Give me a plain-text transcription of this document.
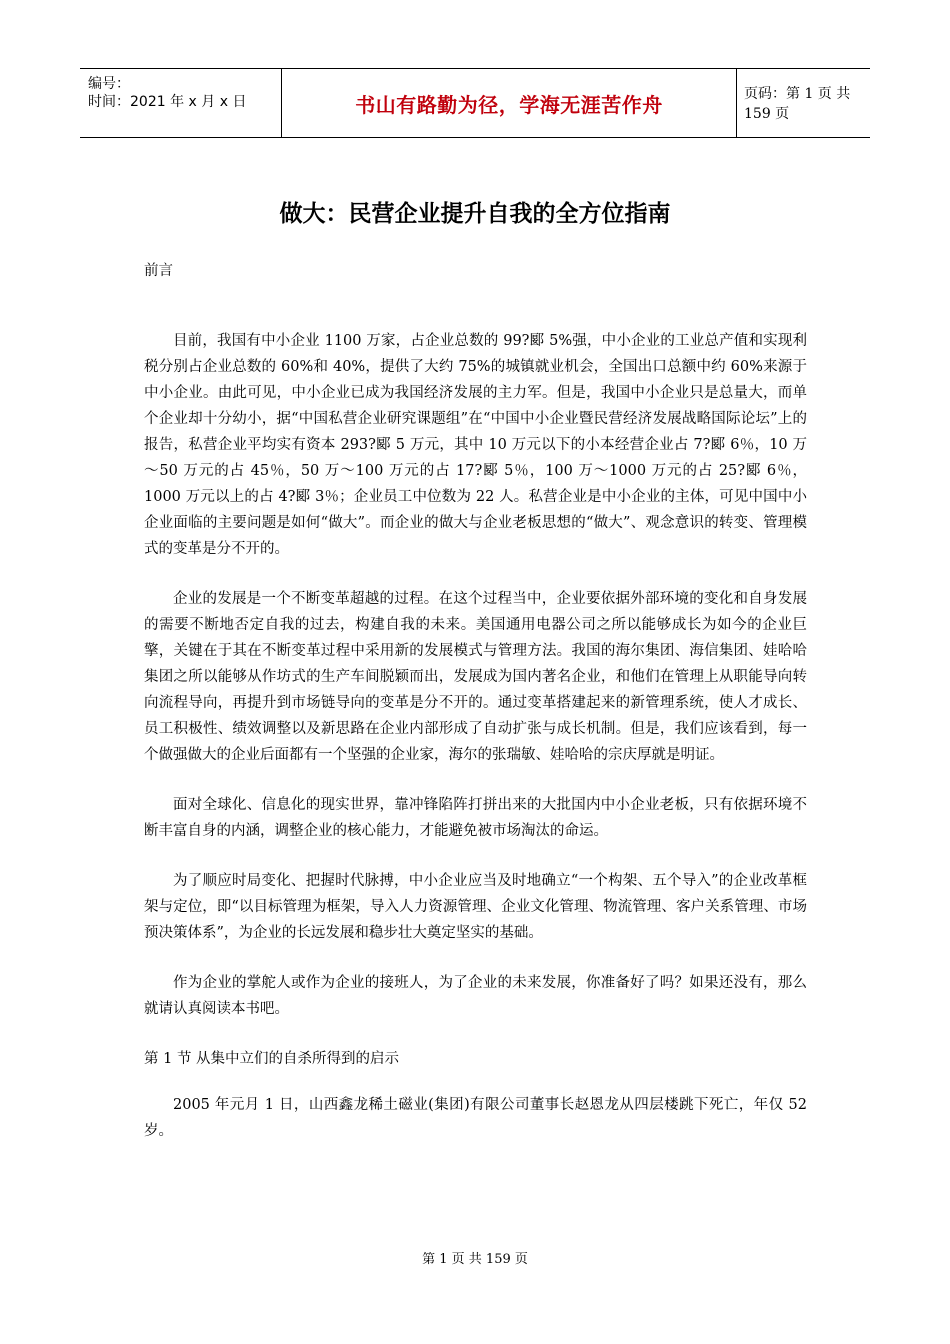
编号：
时间：2021 年 x 月 x 日	书山有路勤为径，学海无涯苦作舟	页码：第 1 页 共 159 页
做大：民营企业提升自我的全方位指南

前言

目前，我国有中小企业 1100 万家，占企业总数的 99?郾 5%强，中小企业的工业总产值和实现利税分别占企业总数的 60%和 40%，提供了大约 75%的城镇就业机会，全国出口总额中约 60%来源于中小企业。由此可见，中小企业已成为我国经济发展的主力军。但是，我国中小企业只是总量大，而单个企业却十分幼小，据“中国私营企业研究课题组”在“中国中小企业暨民营经济发展战略国际论坛”上的报告，私营企业平均实有资本 293?郾 5 万元，其中 10 万元以下的小本经营企业占 7?郾 6％，10 万～50 万元的占 45％，50 万～100 万元的占 17?郾 5％，100 万～1000 万元的占 25?郾 6％，1000 万元以上的占 4?郾 3％；企业员工中位数为 22 人。私营企业是中小企业的主体，可见中国中小企业面临的主要问题是如何“做大”。而企业的做大与企业老板思想的“做大”、观念意识的转变、管理模式的变革是分不开的。

企业的发展是一个不断变革超越的过程。在这个过程当中，企业要依据外部环境的变化和自身发展的需要不断地否定自我的过去，构建自我的未来。美国通用电器公司之所以能够成长为如今的企业巨擎，关键在于其在不断变革过程中采用新的发展模式与管理方法。我国的海尔集团、海信集团、娃哈哈集团之所以能够从作坊式的生产车间脱颖而出，发展成为国内著名企业，和他们在管理上从职能导向转向流程导向，再提升到市场链导向的变革是分不开的。通过变革搭建起来的新管理系统，使人才成长、员工积极性、绩效调整以及新思路在企业内部形成了自动扩张与成长机制。但是，我们应该看到，每一个做强做大的企业后面都有一个坚强的企业家，海尔的张瑞敏、娃哈哈的宗庆厚就是明证。

面对全球化、信息化的现实世界，靠冲锋陷阵打拼出来的大批国内中小企业老板，只有依据环境不断丰富自身的内涵，调整企业的核心能力，才能避免被市场淘汰的命运。

为了顺应时局变化、把握时代脉搏，中小企业应当及时地确立“一个构架、五个导入”的企业改革框架与定位，即“以目标管理为框架，导入人力资源管理、企业文化管理、物流管理、客户关系管理、市场预决策体系”，为企业的长远发展和稳步壮大奠定坚实的基础。

作为企业的掌舵人或作为企业的接班人，为了企业的未来发展，你准备好了吗？如果还没有，那么就请认真阅读本书吧。

第 1 节 从集中立们的自杀所得到的启示

2005 年元月 1 日，山西鑫龙稀土磁业(集团)有限公司董事长赵恩龙从四层楼跳下死亡，年仅 52 岁。

第 1 页 共 159 页
